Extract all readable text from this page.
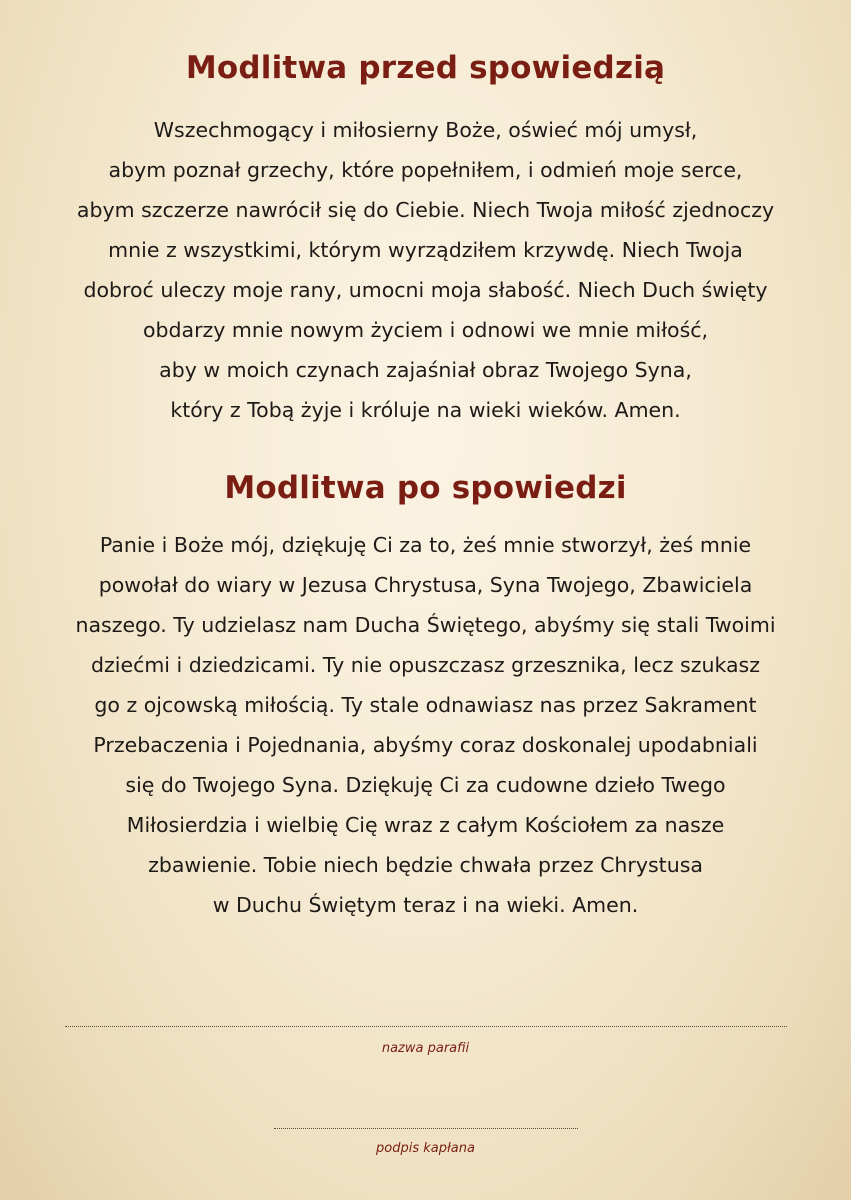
Modlitwa przed spowiedzią
Wszechmogący i miłosierny Boże, oświeć mój umysł,
abym poznał grzechy, które popełniłem, i odmień moje serce,
abym szczerze nawrócił się do Ciebie. Niech Twoja miłość zjednoczy
mnie z wszystkimi, którym wyrządziłem krzywdę. Niech Twoja
dobroć uleczy moje rany, umocni moja słabość. Niech Duch święty
obdarzy mnie nowym życiem i odnowi we mnie miłość,
aby w moich czynach zajaśniał obraz Twojego Syna,
który z Tobą żyje i króluje na wieki wieków. Amen.
Modlitwa po spowiedzi
Panie i Boże mój, dziękuję Ci za to, żeś mnie stworzył, żeś mnie
powołał do wiary w Jezusa Chrystusa, Syna Twojego, Zbawiciela
naszego. Ty udzielasz nam Ducha Świętego, abyśmy się stali Twoimi
dziećmi i dziedzicami. Ty nie opuszczasz grzesznika, lecz szukasz
go z ojcowską miłością. Ty stale odnawiasz nas przez Sakrament
Przebaczenia i Pojednania, abyśmy coraz doskonalej upodabniali
się do Twojego Syna. Dziękuję Ci za cudowne dzieło Twego
Miłosierdzia i wielbię Cię wraz z całym Kościołem za nasze
zbawienie. Tobie niech będzie chwała przez Chrystusa
w Duchu Świętym teraz i na wieki. Amen.
nazwa parafii
podpis kapłana
